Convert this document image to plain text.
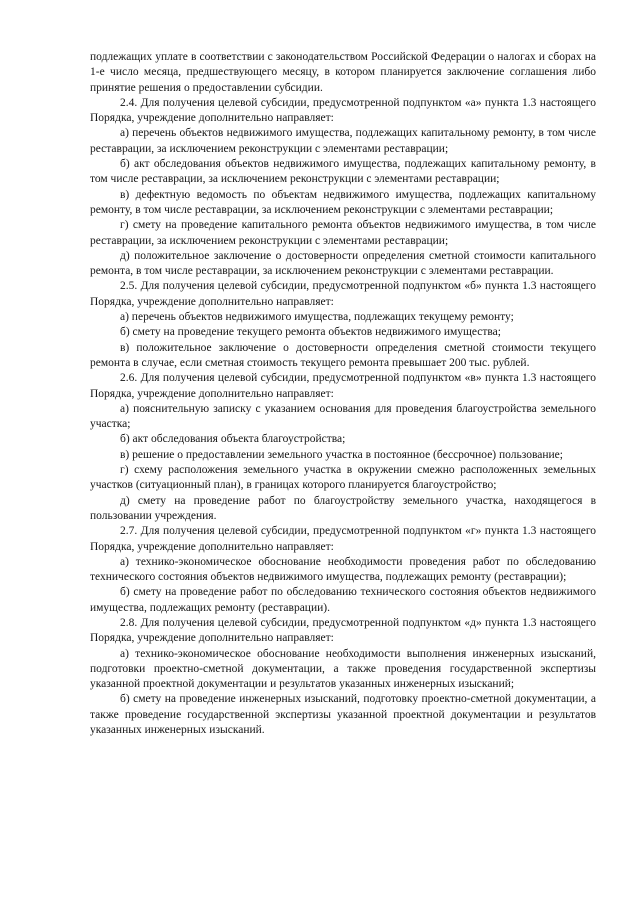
подлежащих уплате в соответствии с законодательством Российской Федерации о налогах и сборах на 1-е число месяца, предшествующего месяцу, в котором планируется заключение соглашения либо принятие решения о предоставлении субсидии.

2.4. Для получения целевой субсидии, предусмотренной подпунктом «а» пункта 1.3 настоящего Порядка, учреждение дополнительно направляет:

а) перечень объектов недвижимого имущества, подлежащих капитальному ремонту, в том числе реставрации, за исключением реконструкции с элементами реставрации;

б) акт обследования объектов недвижимого имущества, подлежащих капитальному ремонту, в том числе реставрации, за исключением реконструкции с элементами реставрации;

в) дефектную ведомость по объектам недвижимого имущества, подлежащих капитальному ремонту, в том числе реставрации, за исключением реконструкции с элементами реставрации;

г) смету на проведение капитального ремонта объектов недвижимого имущества, в том числе реставрации, за исключением реконструкции с элементами реставрации;

д) положительное заключение о достоверности определения сметной стоимости капитального ремонта, в том числе реставрации, за исключением реконструкции с элементами реставрации.

2.5. Для получения целевой субсидии, предусмотренной подпунктом «б» пункта 1.3 настоящего Порядка, учреждение дополнительно направляет:

а) перечень объектов недвижимого имущества, подлежащих текущему ремонту;

б) смету на проведение текущего ремонта объектов недвижимого имущества;

в) положительное заключение о достоверности определения сметной стоимости текущего ремонта в случае, если сметная стоимость текущего ремонта превышает 200 тыс. рублей.

2.6. Для получения целевой субсидии, предусмотренной подпунктом «в» пункта 1.3 настоящего Порядка, учреждение дополнительно направляет:

а) пояснительную записку с указанием основания для проведения благоустройства земельного участка;

б) акт обследования объекта благоустройства;

в) решение о предоставлении земельного участка в постоянное (бессрочное) пользование;

г) схему расположения земельного участка в окружении смежно расположенных земельных участков (ситуационный план), в границах которого планируется благоустройство;

д) смету на проведение работ по благоустройству земельного участка, находящегося в пользовании учреждения.

2.7. Для получения целевой субсидии, предусмотренной подпунктом «г» пункта 1.3 настоящего Порядка, учреждение дополнительно направляет:

а) технико-экономическое обоснование необходимости проведения работ по обследованию технического состояния объектов недвижимого имущества, подлежащих ремонту (реставрации);

б) смету на проведение работ по обследованию технического состояния объектов недвижимого имущества, подлежащих ремонту (реставрации).

2.8. Для получения целевой субсидии, предусмотренной подпунктом «д» пункта 1.3 настоящего Порядка, учреждение дополнительно направляет:

а) технико-экономическое обоснование необходимости выполнения инженерных изысканий, подготовки проектно-сметной документации, а также проведения государственной экспертизы указанной проектной документации и результатов указанных инженерных изысканий;

б) смету на проведение инженерных изысканий, подготовку проектно-сметной документации, а также проведение государственной экспертизы указанной проектной документации и результатов указанных инженерных изысканий.
